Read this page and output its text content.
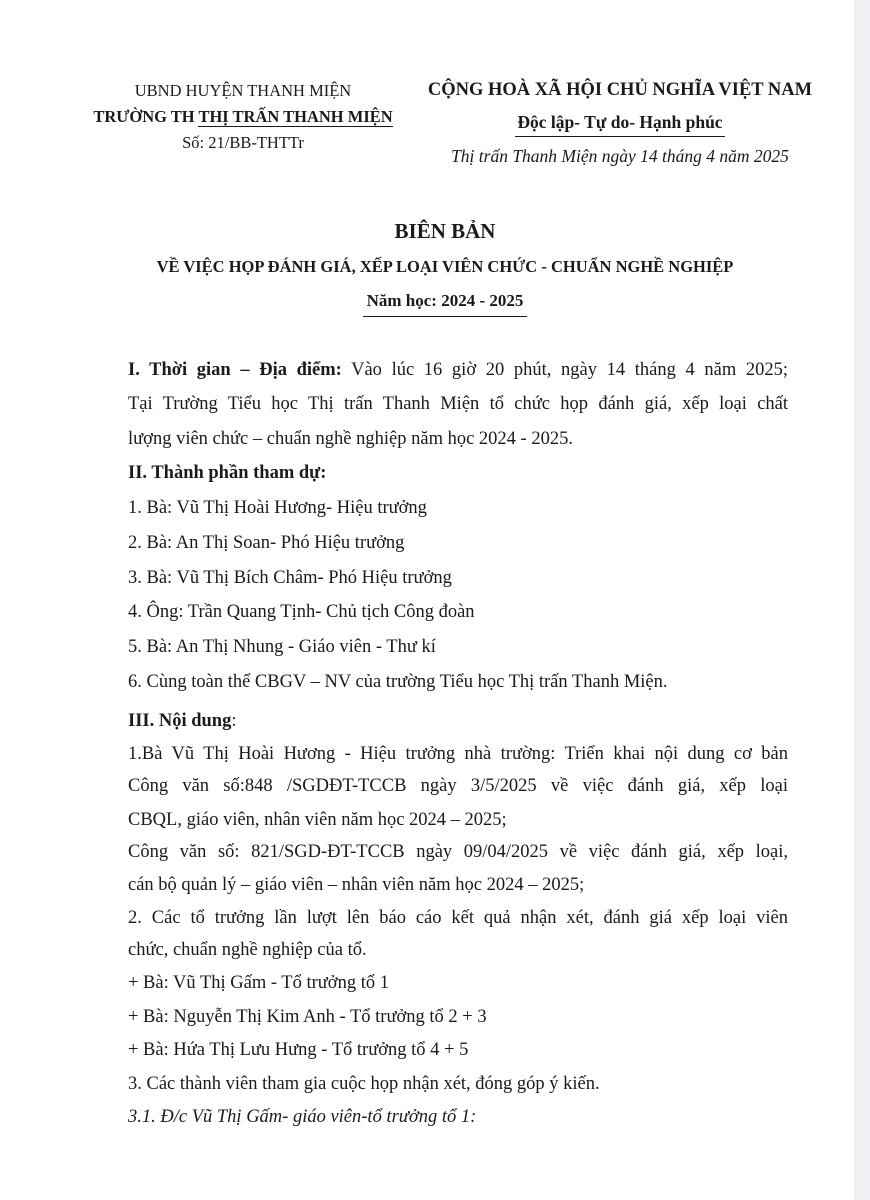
UBND HUYỆN THANH MIỆN
TRƯỜNG TH THỊ TRẤN THANH MIỆN
Số: 21/BB-THTTr
CỘNG HOÀ XÃ HỘI CHỦ NGHĨA VIỆT NAM
Độc lập- Tự do- Hạnh phúc
Thị trấn Thanh Miện ngày 14 tháng 4 năm 2025
BIÊN BẢN
VỀ VIỆC HỌP ĐÁNH GIÁ, XẾP LOẠI VIÊN CHỨC - CHUẨN NGHỀ NGHIỆP
Năm học: 2024 - 2025

I. Thời gian – Địa điểm: Vào lúc 16 giờ 20 phút, ngày 14 tháng 4 năm 2025;

Tại Trường Tiểu học Thị trấn Thanh Miện tổ chức họp đánh giá, xếp loại chất

lượng viên chức – chuẩn nghề nghiệp năm học 2024 - 2025.

II. Thành phần tham dự:

1. Bà: Vũ Thị Hoài Hương- Hiệu trưởng

2. Bà: An Thị Soan- Phó Hiệu trưởng

3. Bà: Vũ Thị Bích Châm- Phó Hiệu trưởng

4. Ông: Trần Quang Tịnh- Chủ tịch Công đoàn

5. Bà: An Thị Nhung - Giáo viên - Thư kí

6. Cùng toàn thể CBGV – NV của trường Tiểu học Thị trấn Thanh Miện.

III. Nội dung:

1.Bà Vũ Thị Hoài Hương - Hiệu trưởng nhà trường: Triển khai nội dung cơ bản

Công văn số:848 /SGDĐT-TCCB ngày 3/5/2025 về việc đánh giá, xếp loại

CBQL, giáo viên, nhân viên năm học 2024 – 2025;

Công văn số: 821/SGD-ĐT-TCCB ngày 09/04/2025 về việc đánh giá, xếp loại,

cán bộ quản lý – giáo viên – nhân viên năm học 2024 – 2025;

2. Các tổ trưởng lần lượt lên báo cáo kết quả nhận xét, đánh giá xếp loại viên

chức, chuẩn nghề nghiệp của tổ.

+ Bà: Vũ Thị Gấm - Tổ trưởng tổ 1

+ Bà: Nguyễn Thị Kim Anh - Tổ trưởng tổ 2 + 3

+ Bà: Hứa Thị Lưu Hưng - Tổ trưởng tổ 4 + 5

3. Các thành viên tham gia cuộc họp nhận xét, đóng góp ý kiến.

3.1. Đ/c Vũ Thị Gấm- giáo viên-tổ trưởng tổ 1:
